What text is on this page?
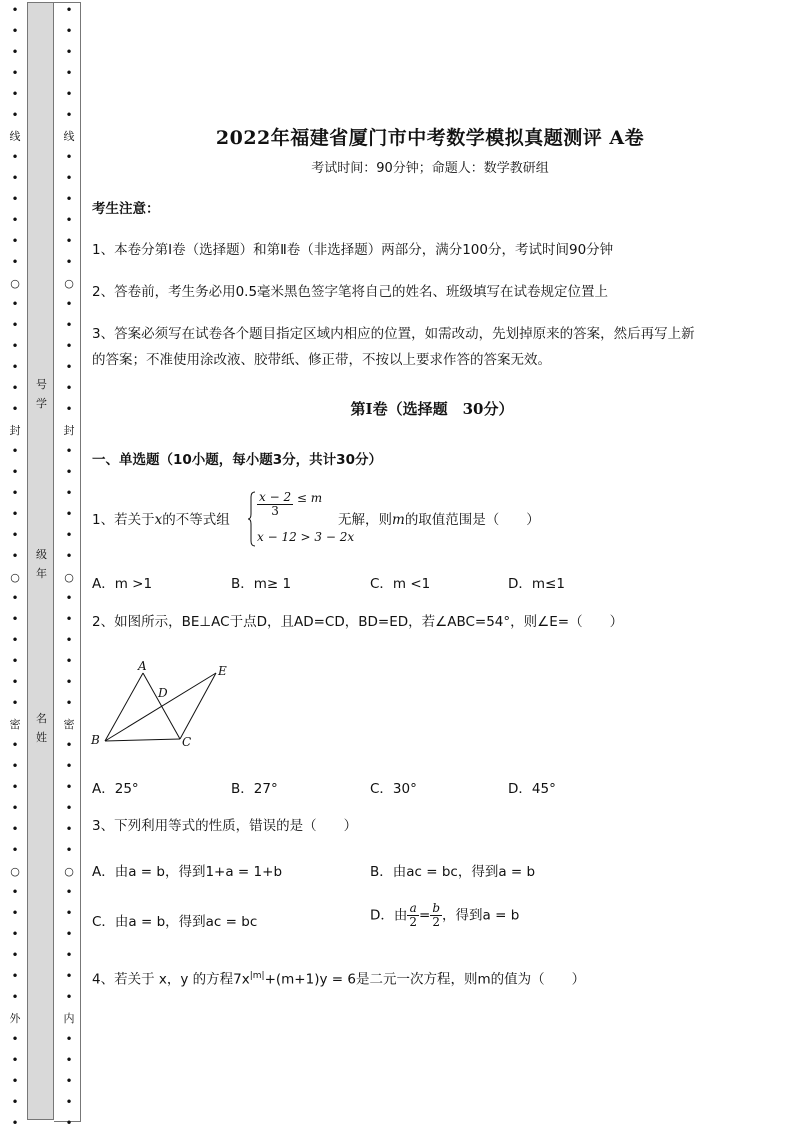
•
•
•
•
•
•
线
•
•
•
•
•
•
○
•
•
•
•
•
•
封
•
•
•
•
•
•
○
•
•
•
•
•
•
密
•
•
•
•
•
•
○
•
•
•
•
•
•
外
•
•
•
•
•
号
学
级
年
名
姓
•
•
•
•
•
•
线
•
•
•
•
•
•
○
•
•
•
•
•
•
封
•
•
•
•
•
•
○
•
•
•
•
•
•
密
•
•
•
•
•
•
○
•
•
•
•
•
•
内
•
•
•
•
•
2022年福建省厦门市中考数学模拟真题测评 A卷
考试时间：90分钟；命题人：数学教研组
考生注意：
1、本卷分第Ⅰ卷（选择题）和第Ⅱ卷（非选择题）两部分，满分100分，考试时间90分钟
2、答卷前，考生务必用0.5毫米黑色签字笔将自己的姓名、班级填写在试卷规定位置上
3、答案必须写在试卷各个题目指定区域内相应的位置，如需改动，先划掉原来的答案，然后再写上新
的答案；不准使用涂改液、胶带纸、修正带，不按以上要求作答的答案无效。
第Ⅰ卷（选择题　30分）
一、单选题（10小题，每小题3分，共计30分）
1、若关于x的不等式组
$\frac{x - 2}{3} \le m$
x − 12 > 3 − 2x
无解，则m的取值范围是（　　）
A．m >1	B．m≥ 1	C．m <1	D．m≤1
2、如图所示，BE⊥AC于点D，且AD=CD，BD=ED，若∠ABC=54°，则∠E=（　　）
A
B	C
D
E
A．25°	B．27°	C．30°	D．45°
3、下列利用等式的性质，错误的是（　　）
A．由a = b，得到1+a = 1+b	B．由ac = bc，得到a = b
C．由a = b，得到ac = bc	D．由 $\frac{a}{2} = \frac{b}{2}$ ，得到a = b
4、若关于 x，y 的方程$7x^{|m|}+(m+1)y = 6$是二元一次方程，则m的值为（　　）
